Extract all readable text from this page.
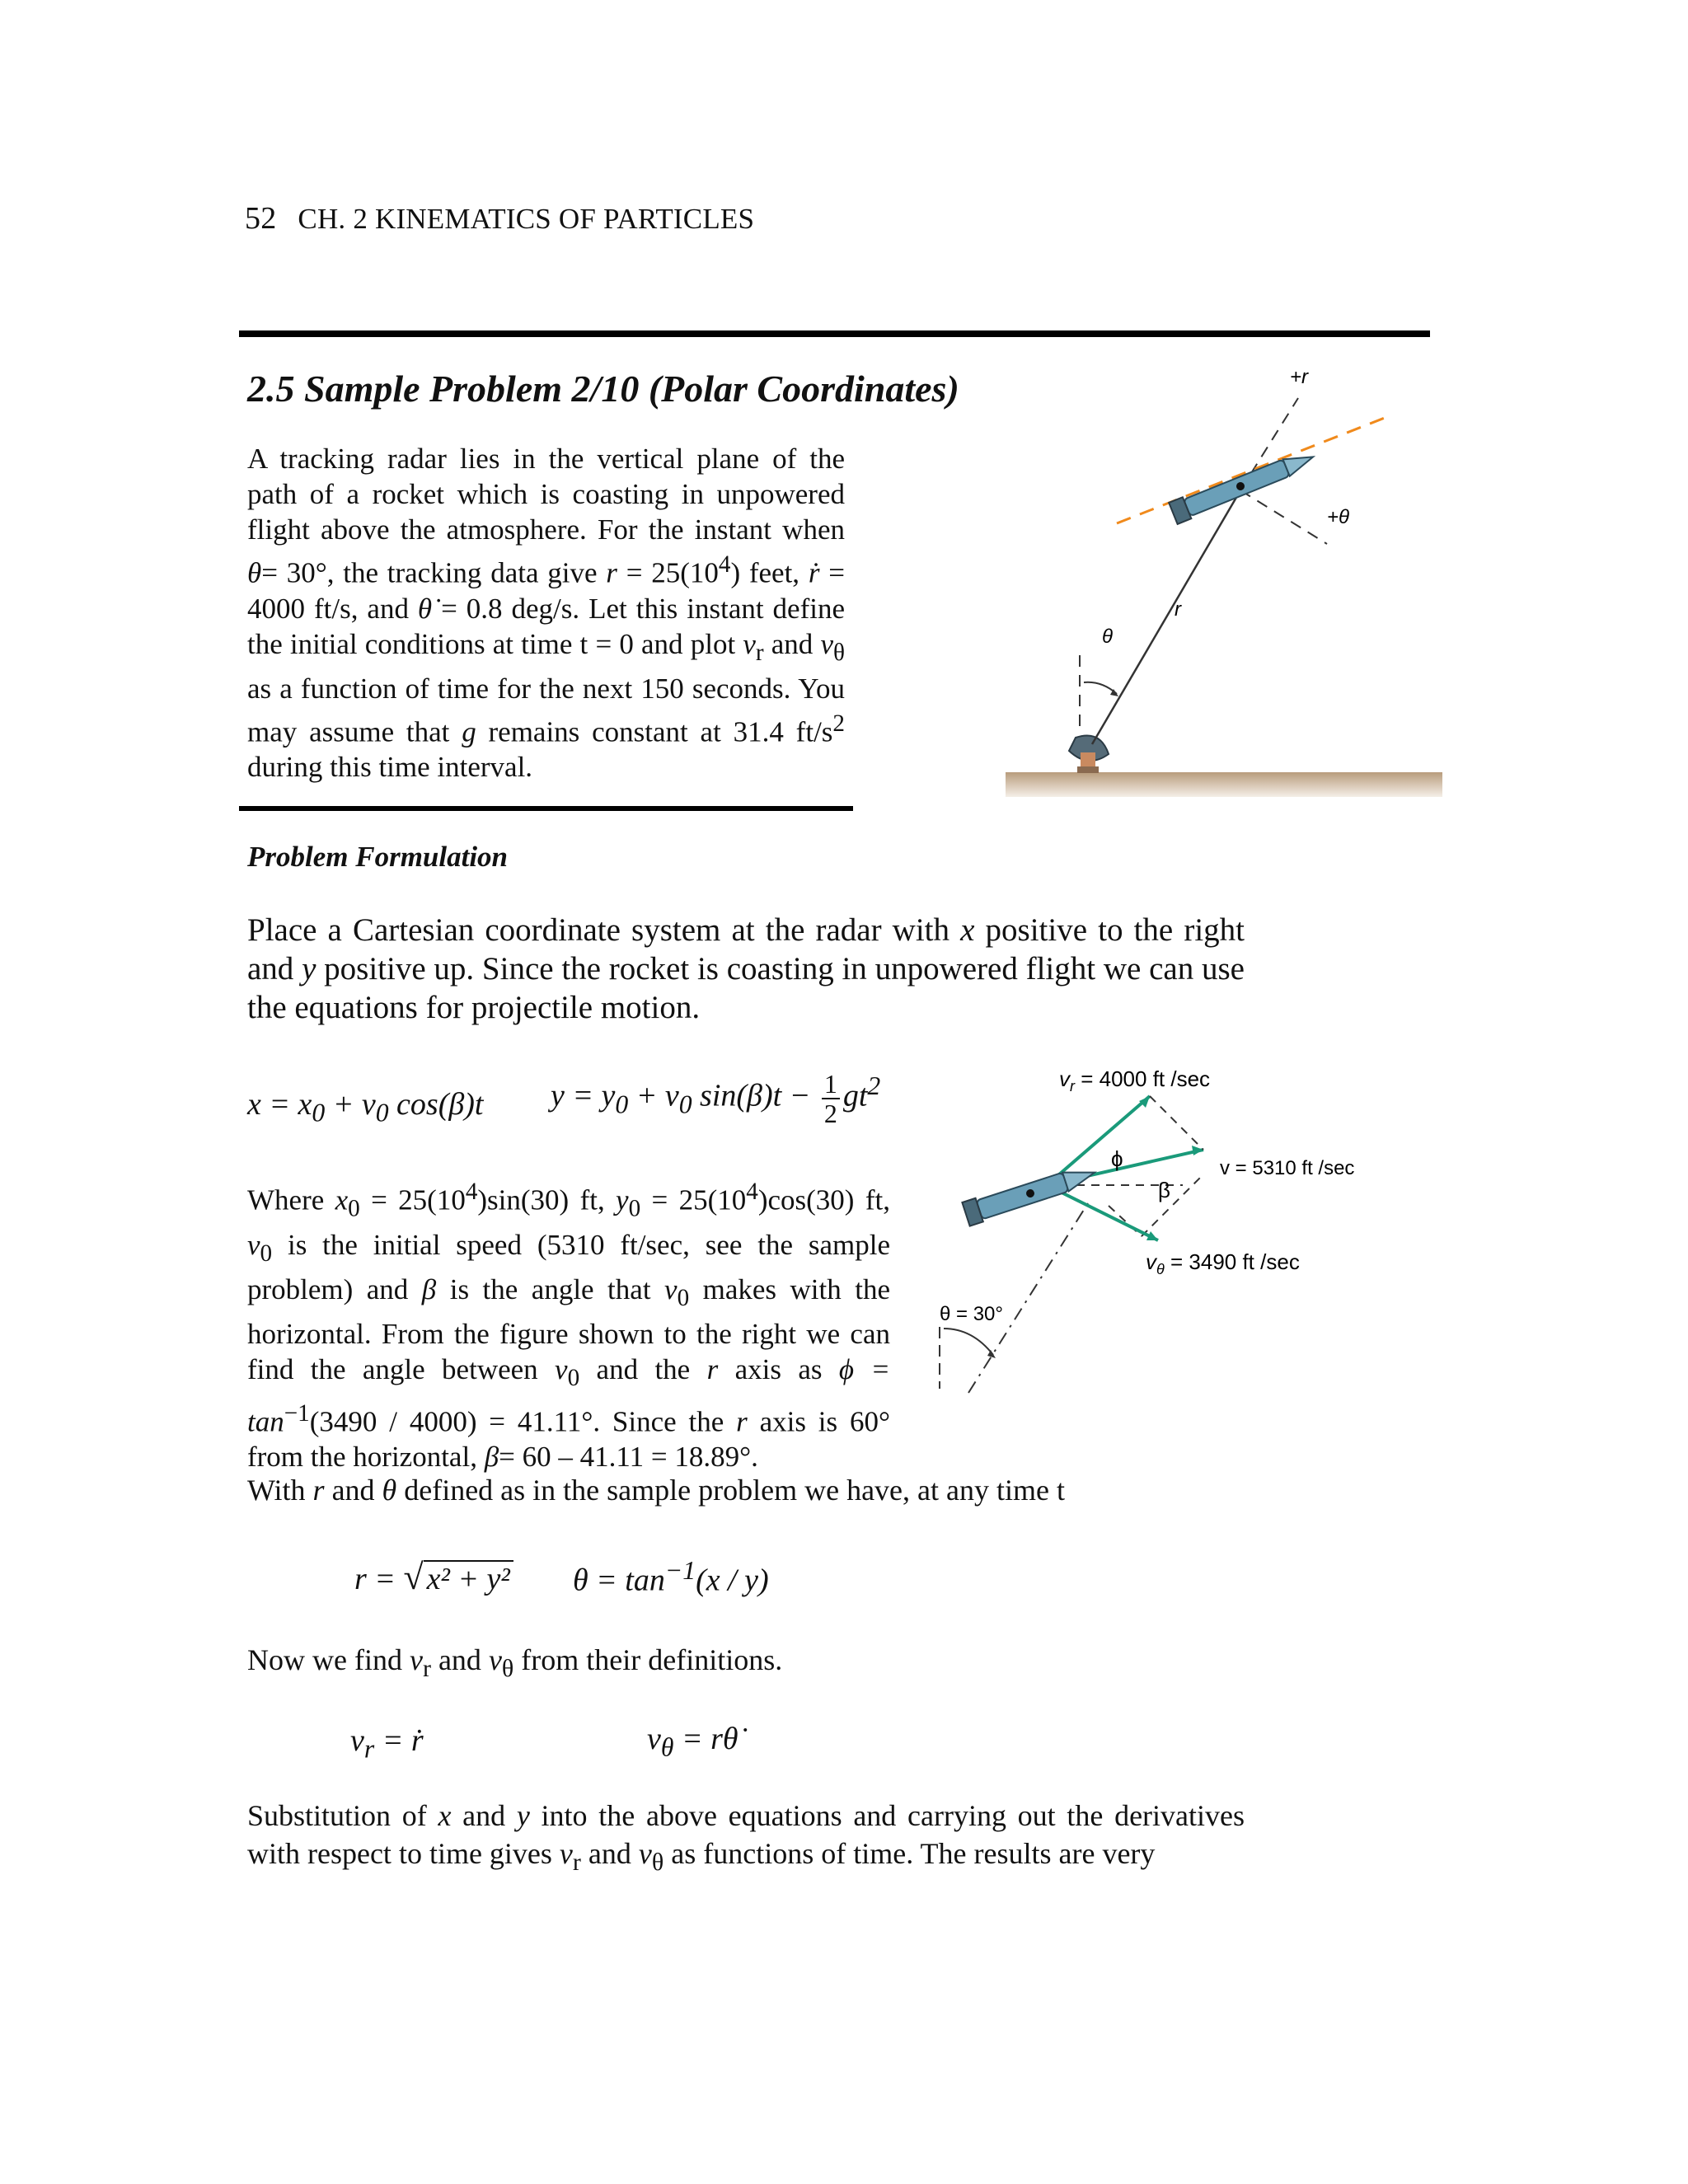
52 CH. 2 KINEMATICS OF PARTICLES
2.5 Sample Problem 2/10 (Polar Coordinates)
A tracking radar lies in the vertical plane of the path of a rocket which is coasting in unpowered flight above the atmosphere. For the instant when θ= 30°, the tracking data give $r = 25(10^4)$ feet, ṙ = 4000 ft/s, and θ̇ = 0.8 deg/s. Let this instant define the initial conditions at time t = 0 and plot $v_r$ and $v_\theta$ as a function of time for the next 150 seconds. You may assume that g remains constant at 31.4 $ft/s^2$ during this time interval.
θ
r
+r
+θ
Problem Formulation
Place a Cartesian coordinate system at the radar with x positive to the right and y positive up. Since the rocket is coasting in unpowered flight we can use the equations for projectile motion.
$x = x_0 + v_0$ cos(β)t $y = y_0 + v_0$ $\sin(\beta)t - \frac{1}{2} gt^2$
Where $x_0 = 25(10^4)\sin(30)$ ft, $y_0 = 25(10^4)\cos(30)$ ft, $v_0$ is the initial speed (5310 ft/sec, see the sample problem) and β is the angle that $v_0$ makes with the horizontal. From the figure shown to the right we can find the angle between $v_0$ and the r axis as $\phi = \tan^{-1}(3490 / 4000) = 41.11^\circ$. Since the r axis is 60° from the horizontal, β= 60 – 41.11 = 18.89°.
θ = 30°
$v_r = 4000$ ft /sec
v = 5310 ft /sec
$v_\theta = 3490$ ft /sec
ϕ
β
With r and θ defined as in the sample problem we have, at any time t
r = √ x² + y² $\theta = \tan^{-1}(x / y)$
Now we find $v_r$ and $v_\theta$ from their definitions.
$v_r$ = ṙ	$v_\theta$ = rθ̇
Substitution of x and y into the above equations and carrying out the derivatives with respect to time gives $v_r$ and $v_\theta$ as functions of time. The results are very
